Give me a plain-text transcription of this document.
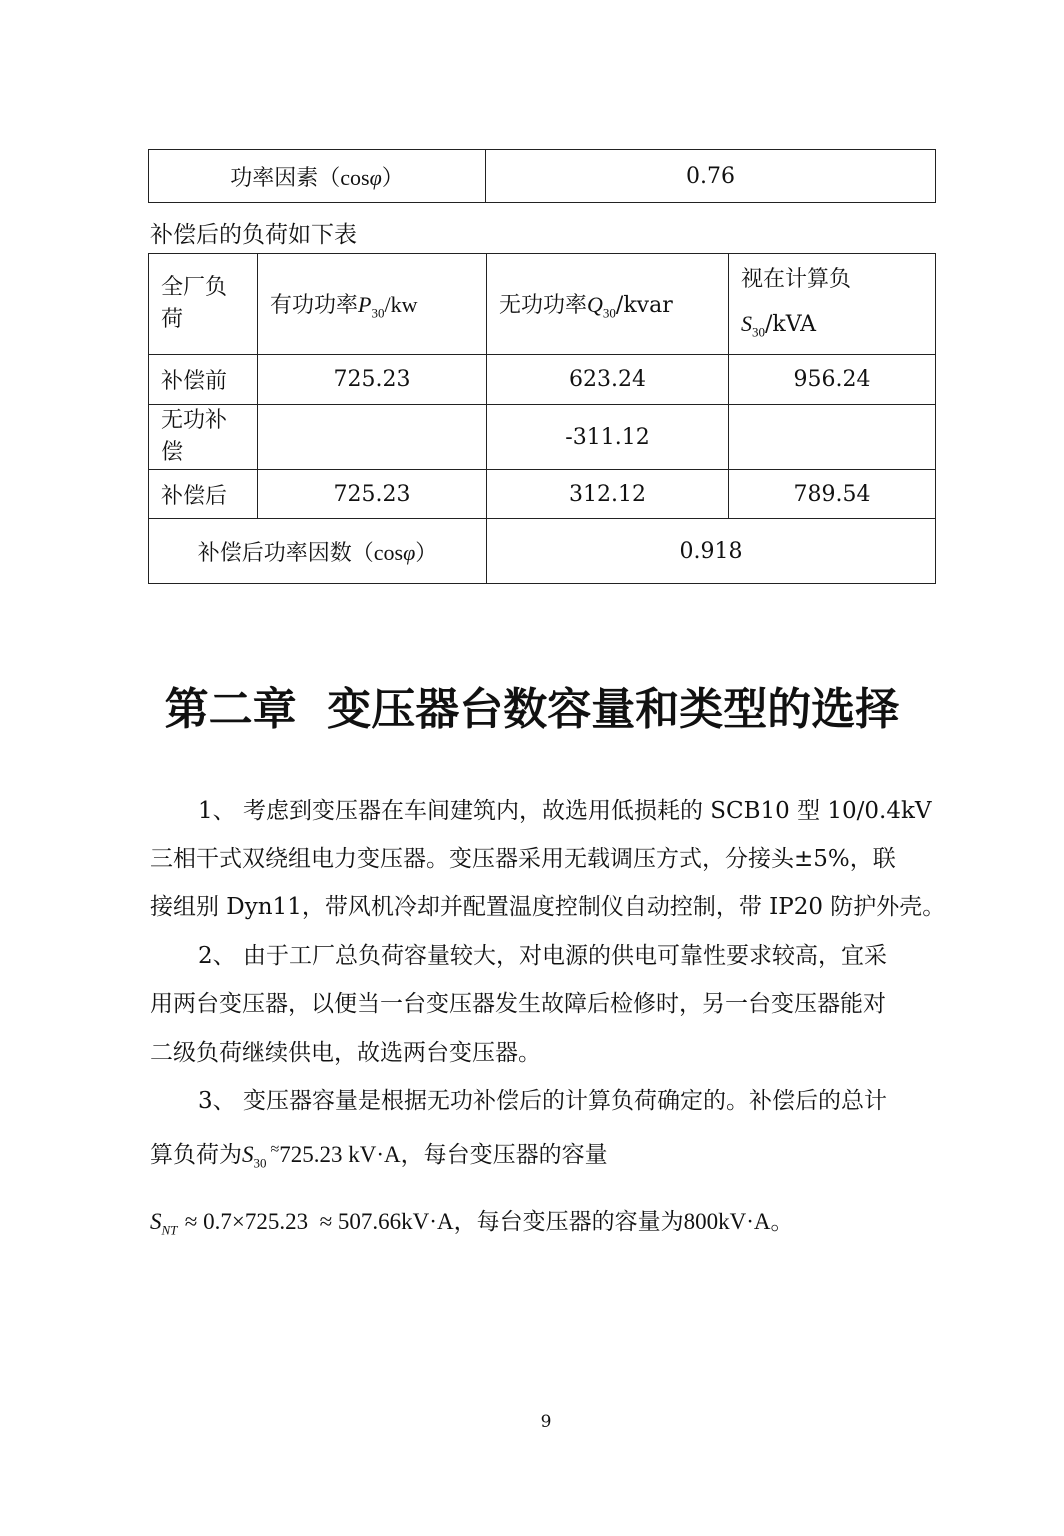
功率因素（cosφ）	0.76
补偿后的负荷如下表
全厂负荷	有功功率$P_{30}/kw$	无功功率$Q_{30}$/kvar	视在计算负
$S_{30}$/kVA

补偿前	725.23	623.24	956.24

无功补偿		-311.12	
补偿后	725.23	312.12	789.54
补偿后功率因数（cosφ）		0.918	
第二章  变压器台数容量和类型的选择
1、 考虑到变压器在车间建筑内，故选用低损耗的 SCB10 型 10/0.4kV
三相干式双绕组电力变压器。变压器采用无载调压方式，分接头±5%，联
接组别 Dyn11，带风机冷却并配置温度控制仪自动控制，带 IP20 防护外壳。
2、 由于工厂总负荷容量较大，对电源的供电可靠性要求较高，宜采
用两台变压器，以便当一台变压器发生故障后检修时，另一台变压器能对
二级负荷继续供电，故选两台变压器。
3、 变压器容量是根据无功补偿后的计算负荷确定的。补偿后的总计
算负荷为$S_{30}^\approx 725.23$ kV·A，每台变压器的容量
$S_{NT} \approx 0.7\times 725.23 \approx 507.66kV\cdot A$，每台变压器的容量为800kV·A。
9
